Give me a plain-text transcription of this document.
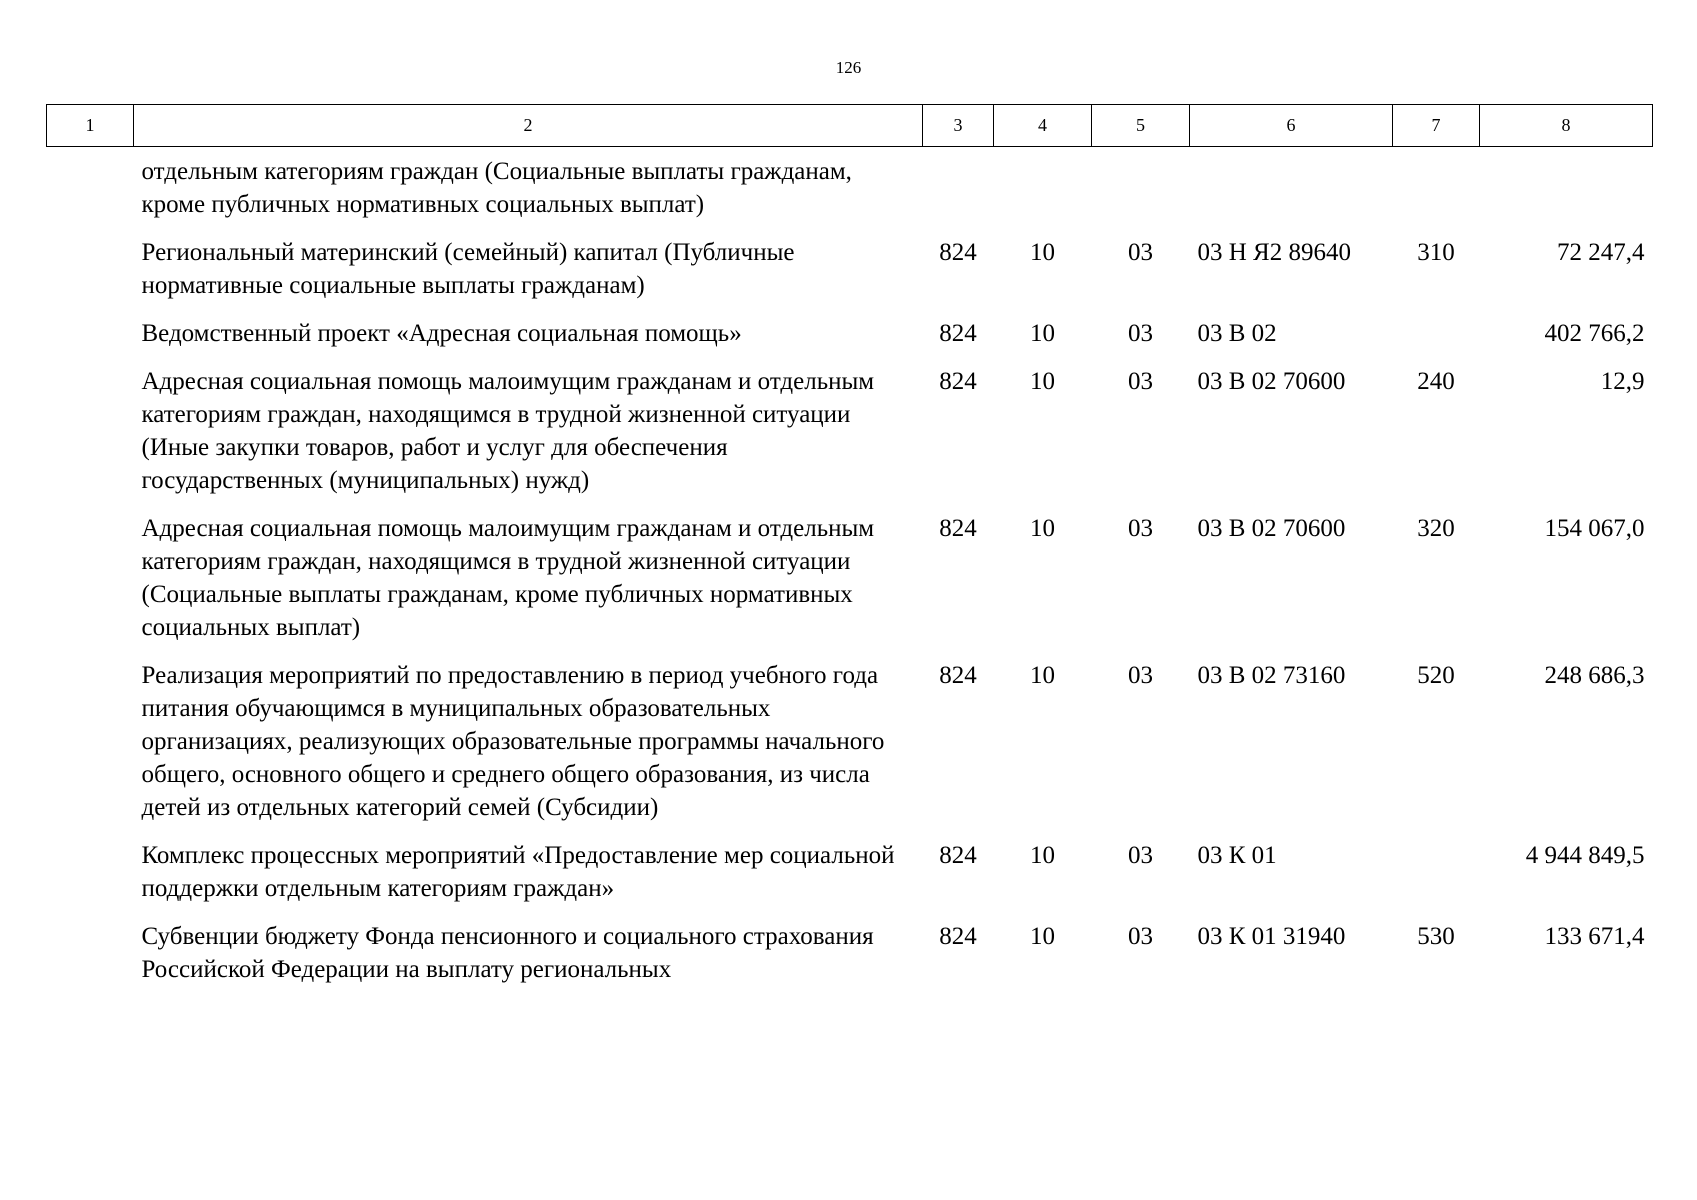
126
1	2	3	4	5	6	7	8
	отдельным категориям граждан (Социальные выплаты гражданам, кроме публичных нормативных социальных выплат)						
	Региональный материнский (семейный) капитал (Публичные нормативные социальные выплаты гражданам)	824	10	03	03 Н Я2 89640	310	72 247,4
	Ведомственный проект «Адресная социальная помощь»	824	10	03	03 В 02		402 766,2
	Адресная социальная помощь малоимущим гражданам и отдельным категориям граждан, находящимся в трудной жизненной ситуации (Иные закупки товаров, работ и услуг для обеспечения государственных (муниципальных) нужд)	824	10	03	03 В 02 70600	240	12,9
	Адресная социальная помощь малоимущим гражданам и отдельным категориям граждан, находящимся в трудной жизненной ситуации (Социальные выплаты гражданам, кроме публичных нормативных социальных выплат)	824	10	03	03 В 02 70600	320	154 067,0
	Реализация мероприятий по предоставлению в период учебного года питания обучающимся в муниципальных образовательных организациях, реализующих образовательные программы начального общего, основного общего и среднего общего образования, из числа детей из отдельных категорий семей (Субсидии)	824	10	03	03 В 02 73160	520	248 686,3
	Комплекс процессных мероприятий «Предоставление мер социальной поддержки отдельным категориям граждан»	824	10	03	03 К 01		4 944 849,5
	Субвенции бюджету Фонда пенсионного и социального страхования Российской Федерации на выплату региональных	824	10	03	03 К 01 31940	530	133 671,4
